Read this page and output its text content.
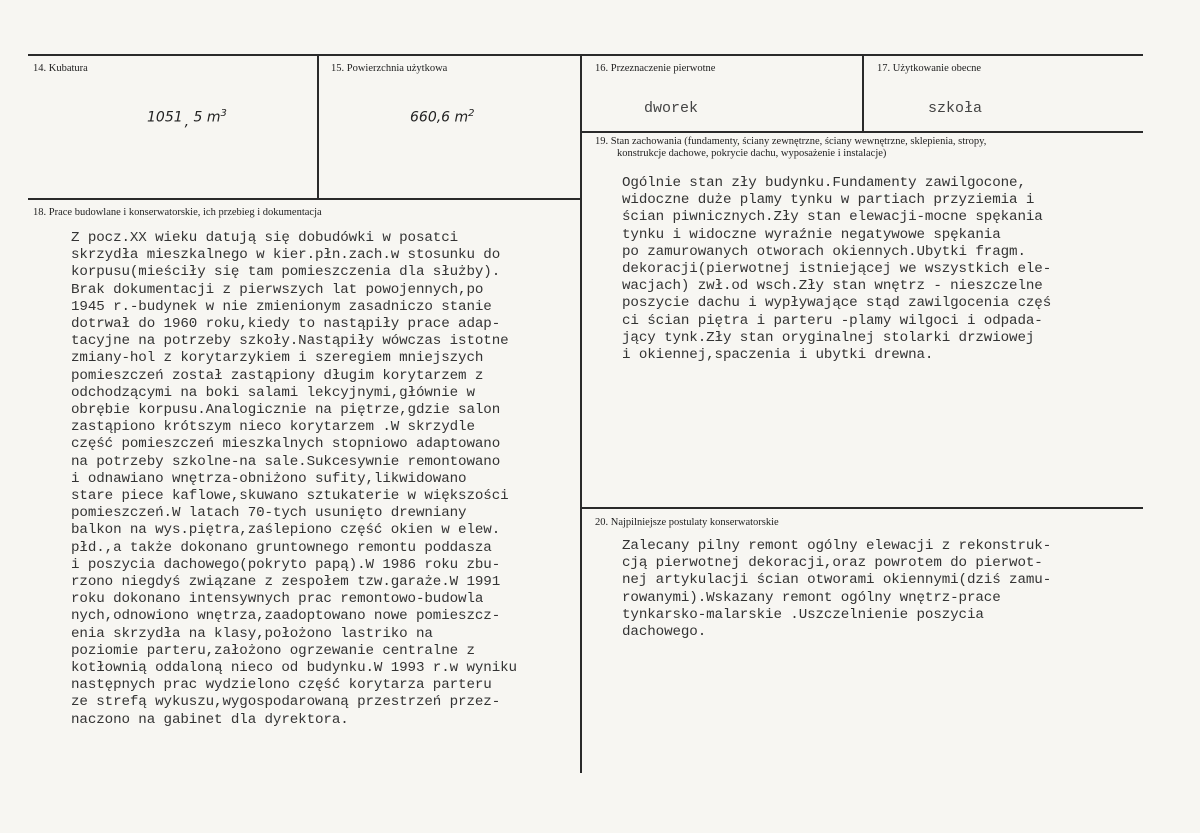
14. Kubatura
1051 , 5 $m^3$
15. Powierzchnia użytkowa
660,6 $m^2$
16. Przeznaczenie pierwotne
dworek
17. Użytkowanie obecne
szkoła
18. Prace budowlane i konserwatorskie, ich przebieg i dokumentacja
Z pocz.XX wieku datują się dobudówki w posatci
skrzydła mieszkalnego w kier.płn.zach.w stosunku do
korpusu(mieściły się tam pomieszczenia dla służby).
Brak dokumentacji z pierwszych lat powojennych,po
1945 r.-budynek w nie zmienionym zasadniczo stanie
dotrwał do 1960 roku,kiedy to nastąpiły prace adap-
tacyjne na potrzeby szkoły.Nastąpiły wówczas istotne
zmiany-hol z korytarzykiem i szeregiem mniejszych
pomieszczeń został zastąpiony długim korytarzem z
odchodzącymi na boki salami lekcyjnymi,głównie w
obrębie korpusu.Analogicznie na piętrze,gdzie salon
zastąpiono krótszym nieco korytarzem .W skrzydle
część pomieszczeń mieszkalnych stopniowo adaptowano
na potrzeby szkolne-na sale.Sukcesywnie remontowano
i odnawiano wnętrza-obniżono sufity,likwidowano
stare piece kaflowe,skuwano sztukaterie w większości
pomieszczeń.W latach 70-tych usunięto drewniany
balkon na wys.piętra,zaślepiono część okien w elew.
płd.,a także dokonano gruntownego remontu poddasza
i poszycia dachowego(pokryto papą).W 1986 roku zbu-
rzono niegdyś związane z zespołem tzw.garaże.W 1991
roku dokonano intensywnych prac remontowo-budowla
nych,odnowiono wnętrza,zaadoptowano nowe pomieszcz-
enia skrzydła na klasy,położono lastriko na
poziomie parteru,założono ogrzewanie centralne z
kotłownią oddaloną nieco od budynku.W 1993 r.w wyniku
następnych prac wydzielono część korytarza parteru
ze strefą wykuszu,wygospodarowaną przestrzeń przez-
naczono na gabinet dla dyrektora.
19. Stan zachowania (fundamenty, ściany zewnętrzne, ściany wewnętrzne, sklepienia, stropy,
konstrukcje dachowe, pokrycie dachu, wyposażenie i instalacje)
Ogólnie stan zły budynku.Fundamenty zawilgocone,
widoczne duże plamy tynku w partiach przyziemia i
ścian piwnicznych.Zły stan elewacji-mocne spękania
tynku i widoczne wyraźnie negatywowe spękania
po zamurowanych otworach okiennych.Ubytki fragm.
dekoracji(pierwotnej istniejącej we wszystkich ele-
wacjach) zwł.od wsch.Zły stan wnętrz - nieszczelne
poszycie dachu i wypływające stąd zawilgocenia częś
ci ścian piętra i parteru -plamy wilgoci i odpada-
jący tynk.Zły stan oryginalnej stolarki drzwiowej
i okiennej,spaczenia i ubytki drewna.
20. Najpilniejsze postulaty konserwatorskie
Zalecany pilny remont ogólny elewacji z rekonstruk-
cją pierwotnej dekoracji,oraz powrotem do pierwot-
nej artykulacji ścian otworami okiennymi(dziś zamu-
rowanymi).Wskazany remont ogólny wnętrz-prace
tynkarsko-malarskie .Uszczelnienie poszycia
dachowego.
